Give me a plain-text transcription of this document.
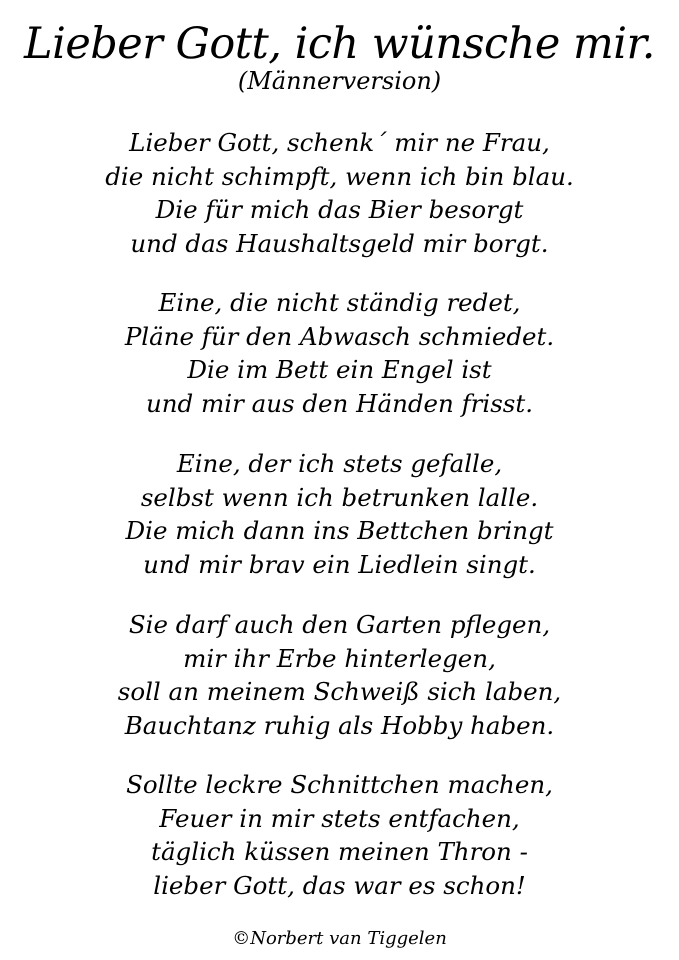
Lieber Gott, ich wünsche mir.
(Männerversion)
Lieber Gott, schenk´ mir ne Frau,
die nicht schimpft, wenn ich bin blau.
Die für mich das Bier besorgt
und das Haushaltsgeld mir borgt.
Eine, die nicht ständig redet,
Pläne für den Abwasch schmiedet.
Die im Bett ein Engel ist
und mir aus den Händen frisst.
Eine, der ich stets gefalle,
selbst wenn ich betrunken lalle.
Die mich dann ins Bettchen bringt
und mir brav ein Liedlein singt.
Sie darf auch den Garten pflegen,
mir ihr Erbe hinterlegen,
soll an meinem Schweiß sich laben,
Bauchtanz ruhig als Hobby haben.
Sollte leckre Schnittchen machen,
Feuer in mir stets entfachen,
täglich küssen meinen Thron -
lieber Gott, das war es schon!
©Norbert van Tiggelen
